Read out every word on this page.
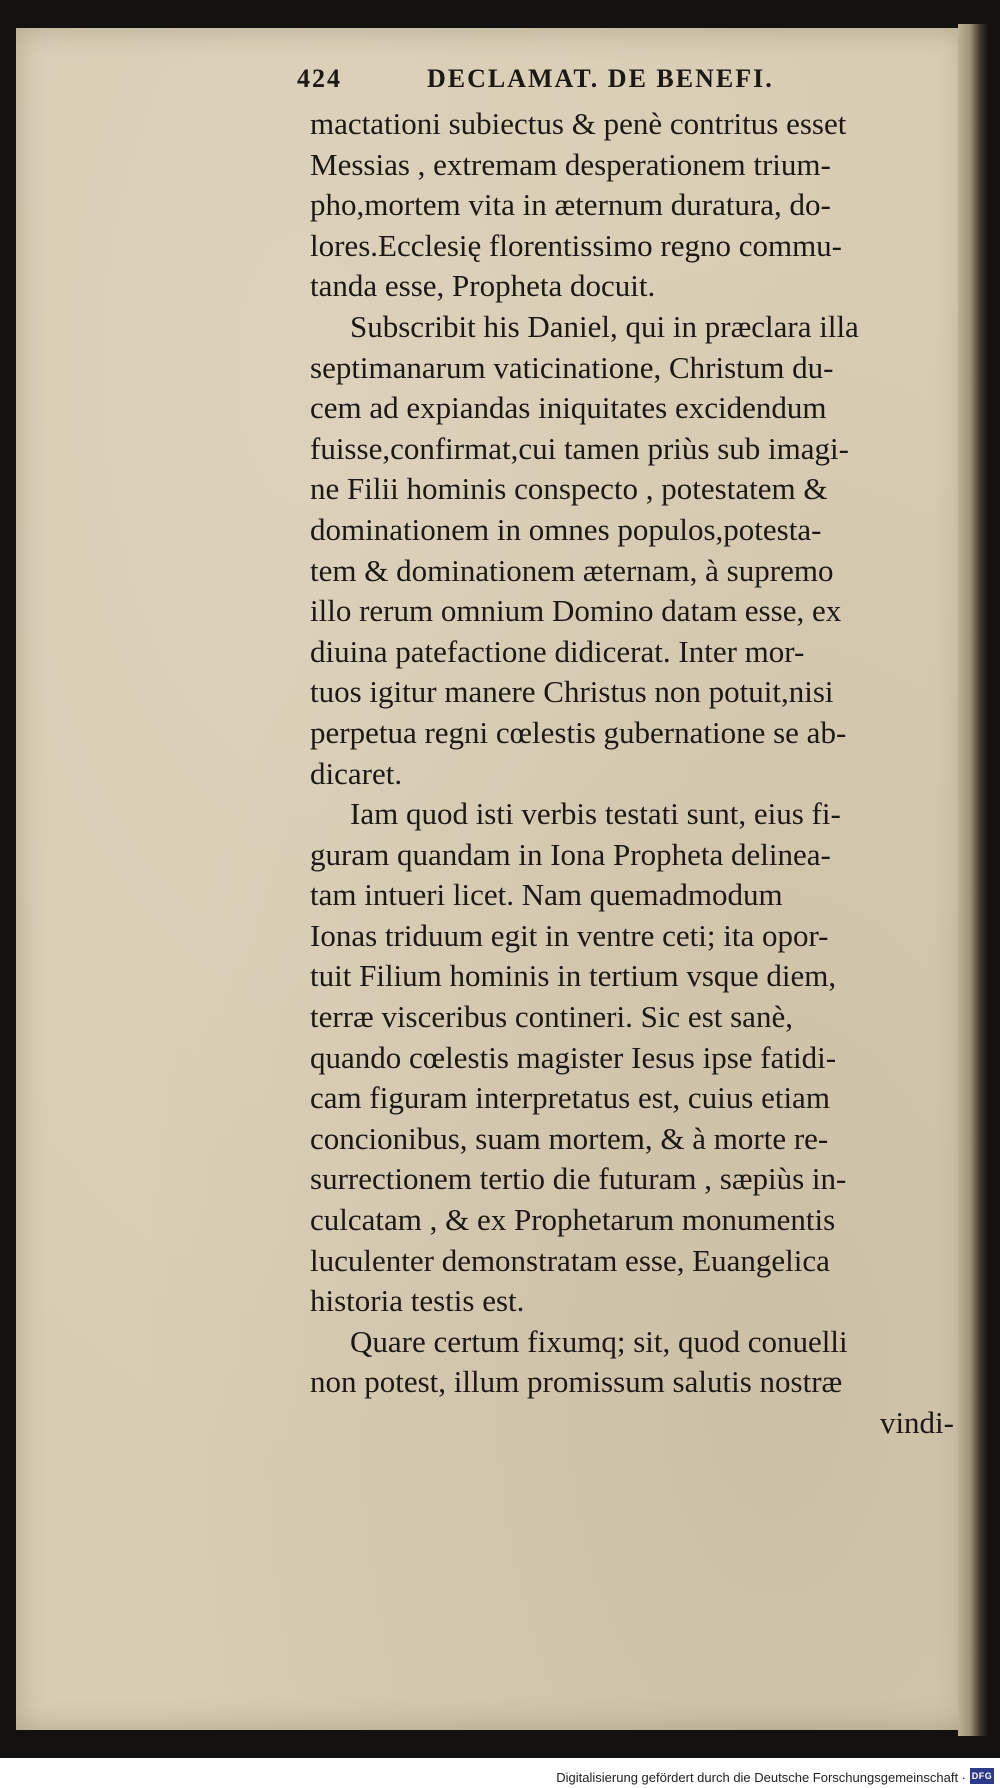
424	DECLAMAT. DE BENEFI.
mactationi subiectus & penè contritus esset
Messias , extremam desperationem trium-
pho,mortem vita in æternum duratura, do-
lores.Ecclesię florentissimo regno commu-
tanda esse, Propheta docuit.
Subscribit his Daniel, qui in præclara illa
septimanarum vaticinatione, Christum du-
cem ad expiandas iniquitates excidendum
fuisse,confirmat,cui tamen priùs sub imagi-
ne Filii hominis conspecto , potestatem &
dominationem in omnes populos,potesta-
tem & dominationem æternam, à supremo
illo rerum omnium Domino datam esse, ex
diuina patefactione didicerat. Inter mor-
tuos igitur manere Christus non potuit,nisi
perpetua regni cœlestis gubernatione se ab-
dicaret.
Iam quod isti verbis testati sunt, eius fi-
guram quandam in Iona Propheta delinea-
tam intueri licet. Nam quemadmodum
Ionas triduum egit in ventre ceti; ita opor-
tuit Filium hominis in tertium vsque diem,
terræ visceribus contineri. Sic est sanè,
quando cœlestis magister Iesus ipse fatidi-
cam figuram interpretatus est, cuius etiam
concionibus, suam mortem, & à morte re-
surrectionem tertio die futuram , sæpiùs in-
culcatam , & ex Prophetarum monumentis
luculenter demonstratam esse, Euangelica
historia testis est.
Quare certum fixumq; sit, quod conuelli
non potest, illum promissum salutis nostræ
vindi-
Digitalisierung gefördert durch die Deutsche Forschungsgemeinschaft · DFG
